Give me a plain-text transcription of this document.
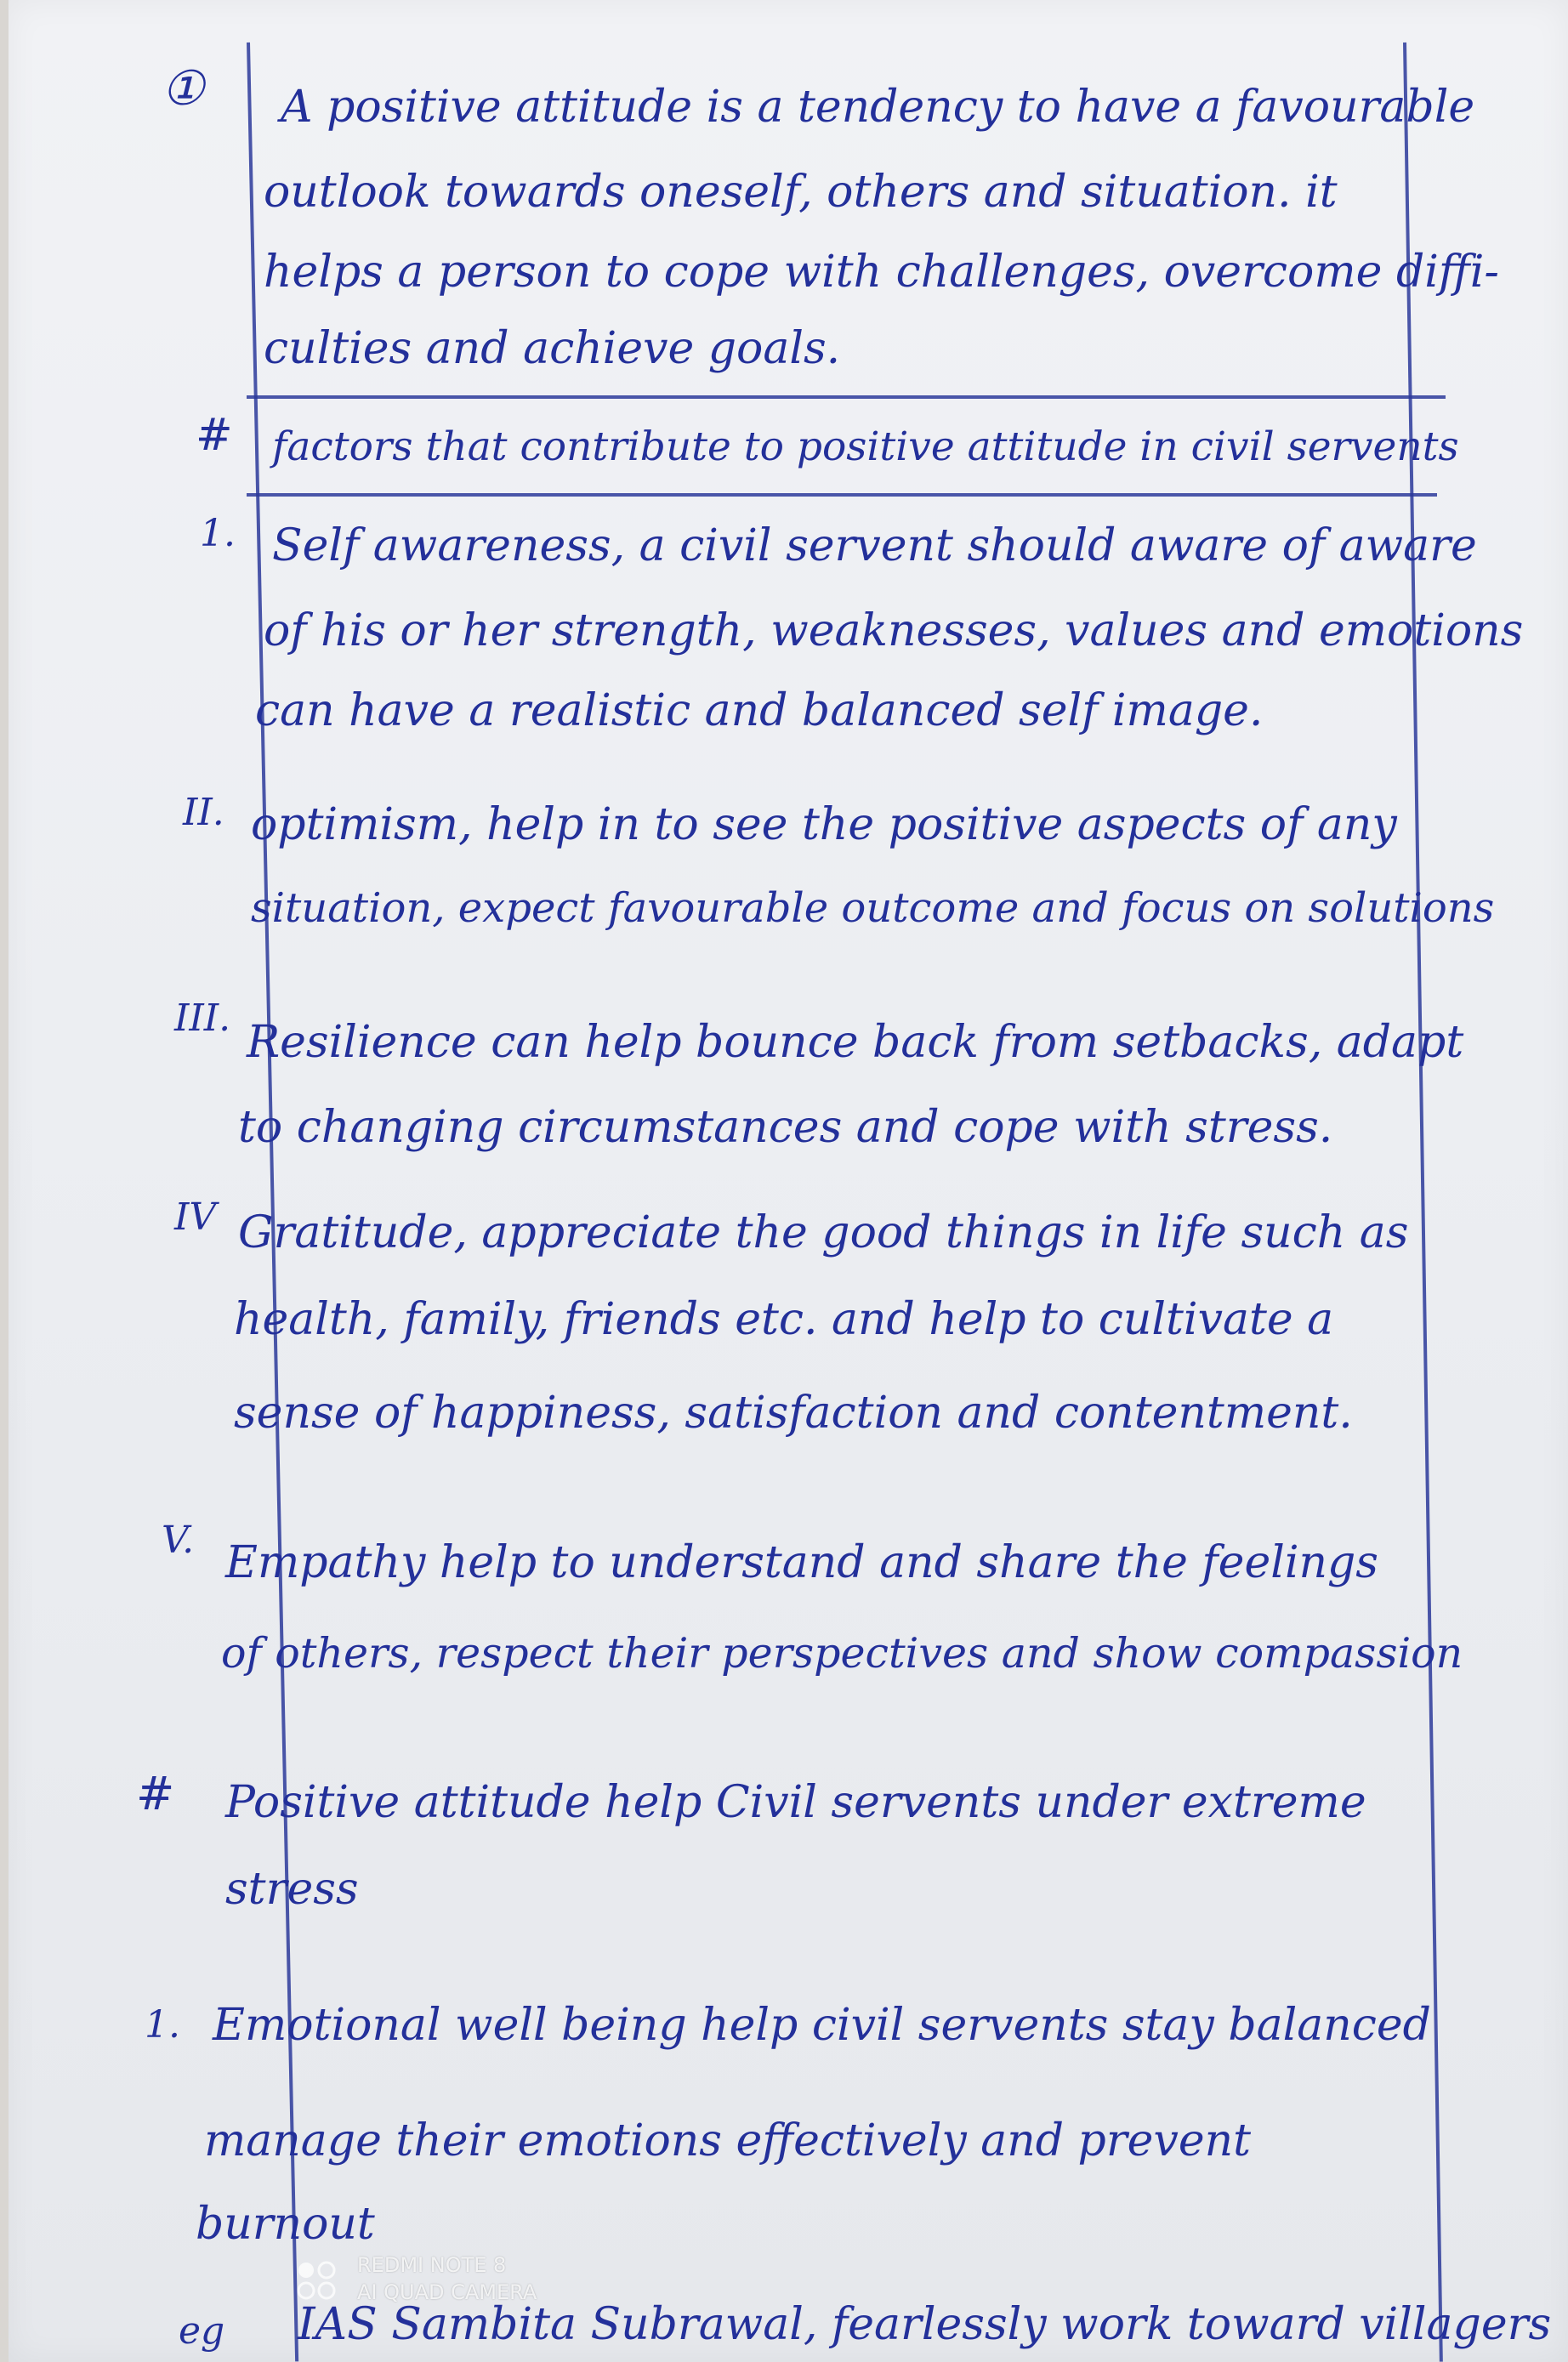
① A positive attitude is a tendency to have a favourable
outlook towards oneself, others and situation. it
helps a person to cope with challenges, overcome diffi-
culties and achieve goals.
# factors that contribute to positive attitude in civil servents
1. Self awareness, a civil servent should aware of aware
of his or her strength, weaknesses, values and emotions
can have a realistic and balanced self image.
II. optimism, help in to see the positive aspects of any
situation, expect favourable outcome and focus on solutions
III. Resilience can help bounce back from setbacks, adapt
to changing circumstances and cope with stress.
IV Gratitude, appreciate the good things in life such as
health, family, friends etc. and help to cultivate a
sense of happiness, satisfaction and contentment.
V. Empathy help to understand and share the feelings
of others, respect their perspectives and show compassion
# Positive attitude help Civil servents under extreme
stress
1. Emotional well being help civil servents stay balanced
manage their emotions effectively and prevent
burnout
eg IAS Sambita Subrawal, fearlessly work toward villagers
REDMI NOTE 8
AI QUAD CAMERA
